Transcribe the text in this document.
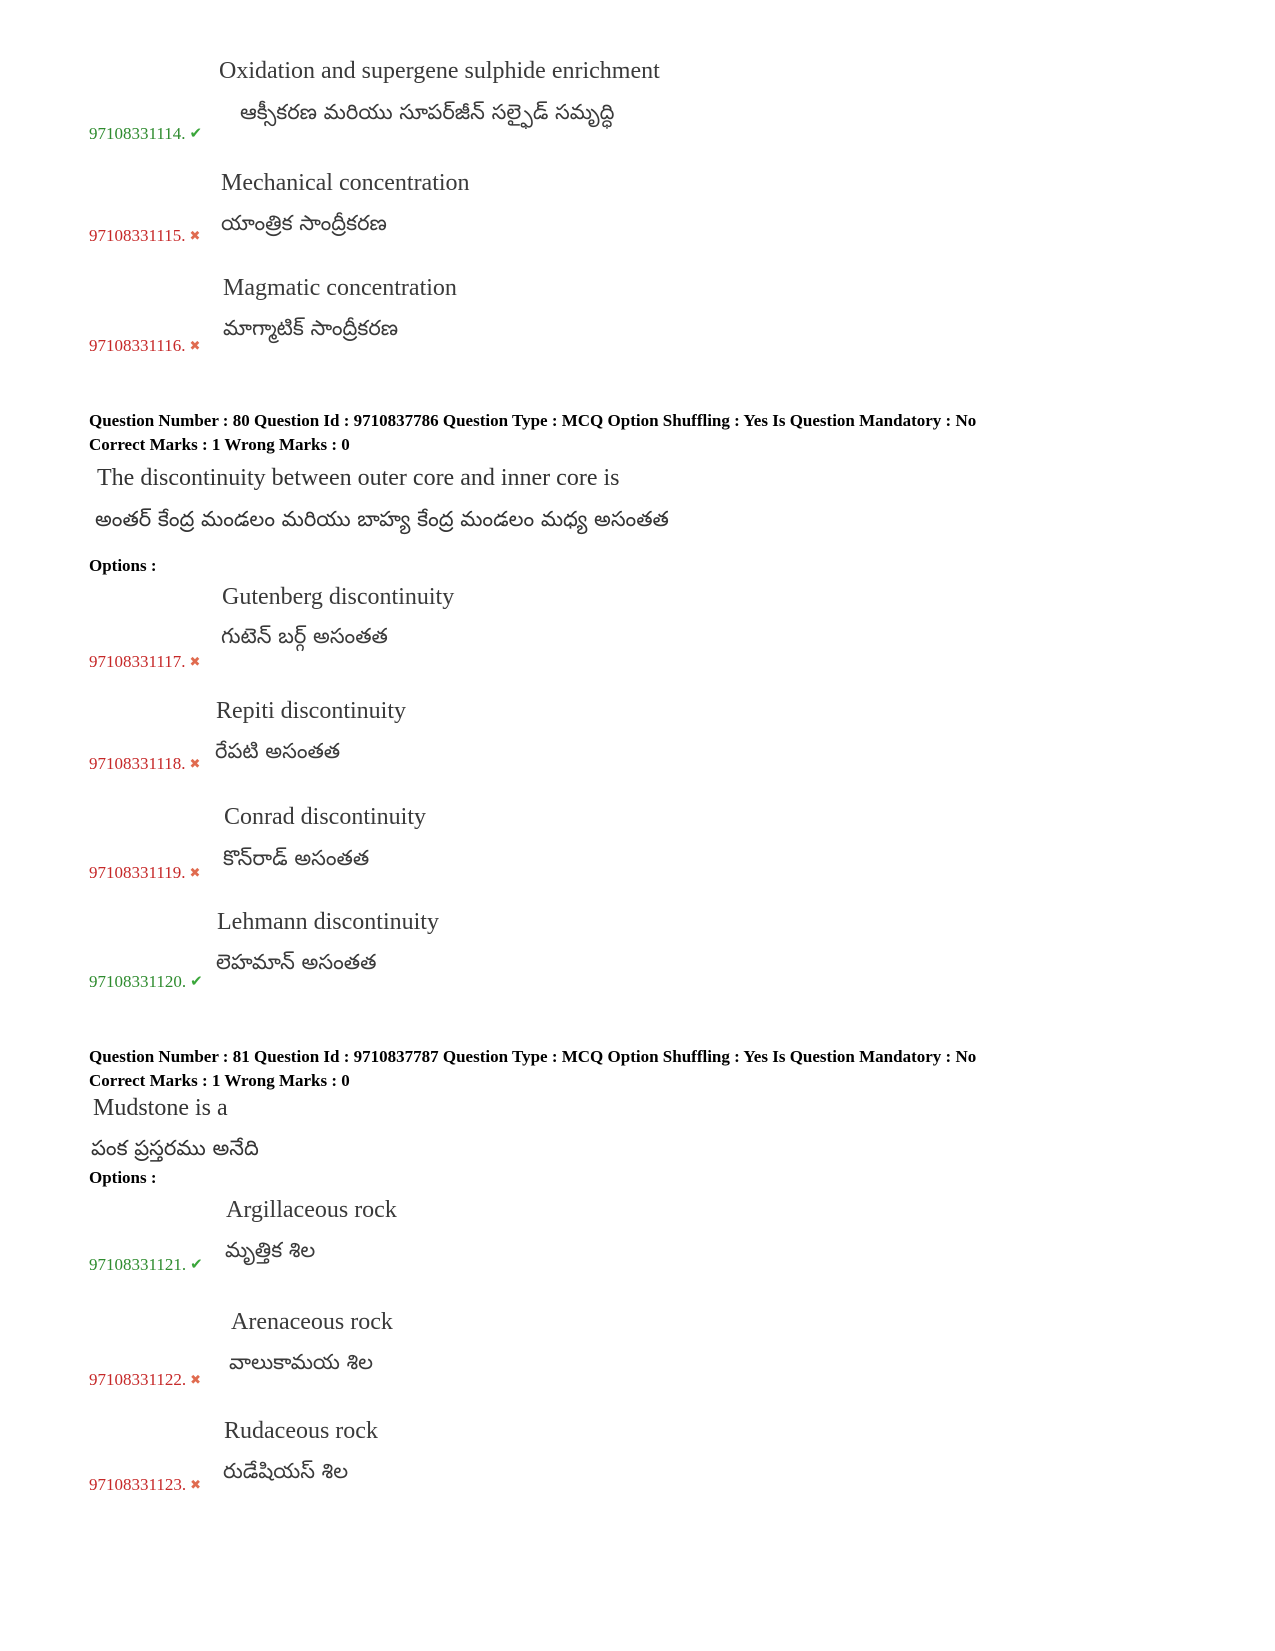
Oxidation and supergene sulphide enrichment
ఆక్సీకరణ మరియు సూపర్‌జీన్ సల్ఫైడ్ సమృద్ధి
97108331114. ✔
Mechanical concentration
యాంత్రిక సాంద్రీకరణ
97108331115. ✖
Magmatic concentration
మాగ్మాటిక్ సాంద్రీకరణ
97108331116. ✖
Question Number : 80 Question Id : 9710837786 Question Type : MCQ Option Shuffling : Yes Is Question Mandatory : No
Correct Marks : 1 Wrong Marks : 0
The discontinuity between outer core and inner core is
అంతర్ కేంద్ర మండలం మరియు బాహ్య కేంద్ర మండలం మధ్య అసంతత
Options :
Gutenberg discontinuity
గుటెన్ బర్గ్ అసంతత
97108331117. ✖
Repiti discontinuity
రేపటి అసంతత
97108331118. ✖
Conrad discontinuity
కొన్‌రాడ్ అసంతత
97108331119. ✖
Lehmann discontinuity
లెహమాన్ అసంతత
97108331120. ✔
Question Number : 81 Question Id : 9710837787 Question Type : MCQ Option Shuffling : Yes Is Question Mandatory : No
Correct Marks : 1 Wrong Marks : 0
Mudstone is a
పంక ప్రస్తరము అనేది
Options :
Argillaceous rock
మృత్తిక శిల
97108331121. ✔
Arenaceous rock
వాలుకామయ శిల
97108331122. ✖
Rudaceous rock
రుడేషియస్ శిల
97108331123. ✖
